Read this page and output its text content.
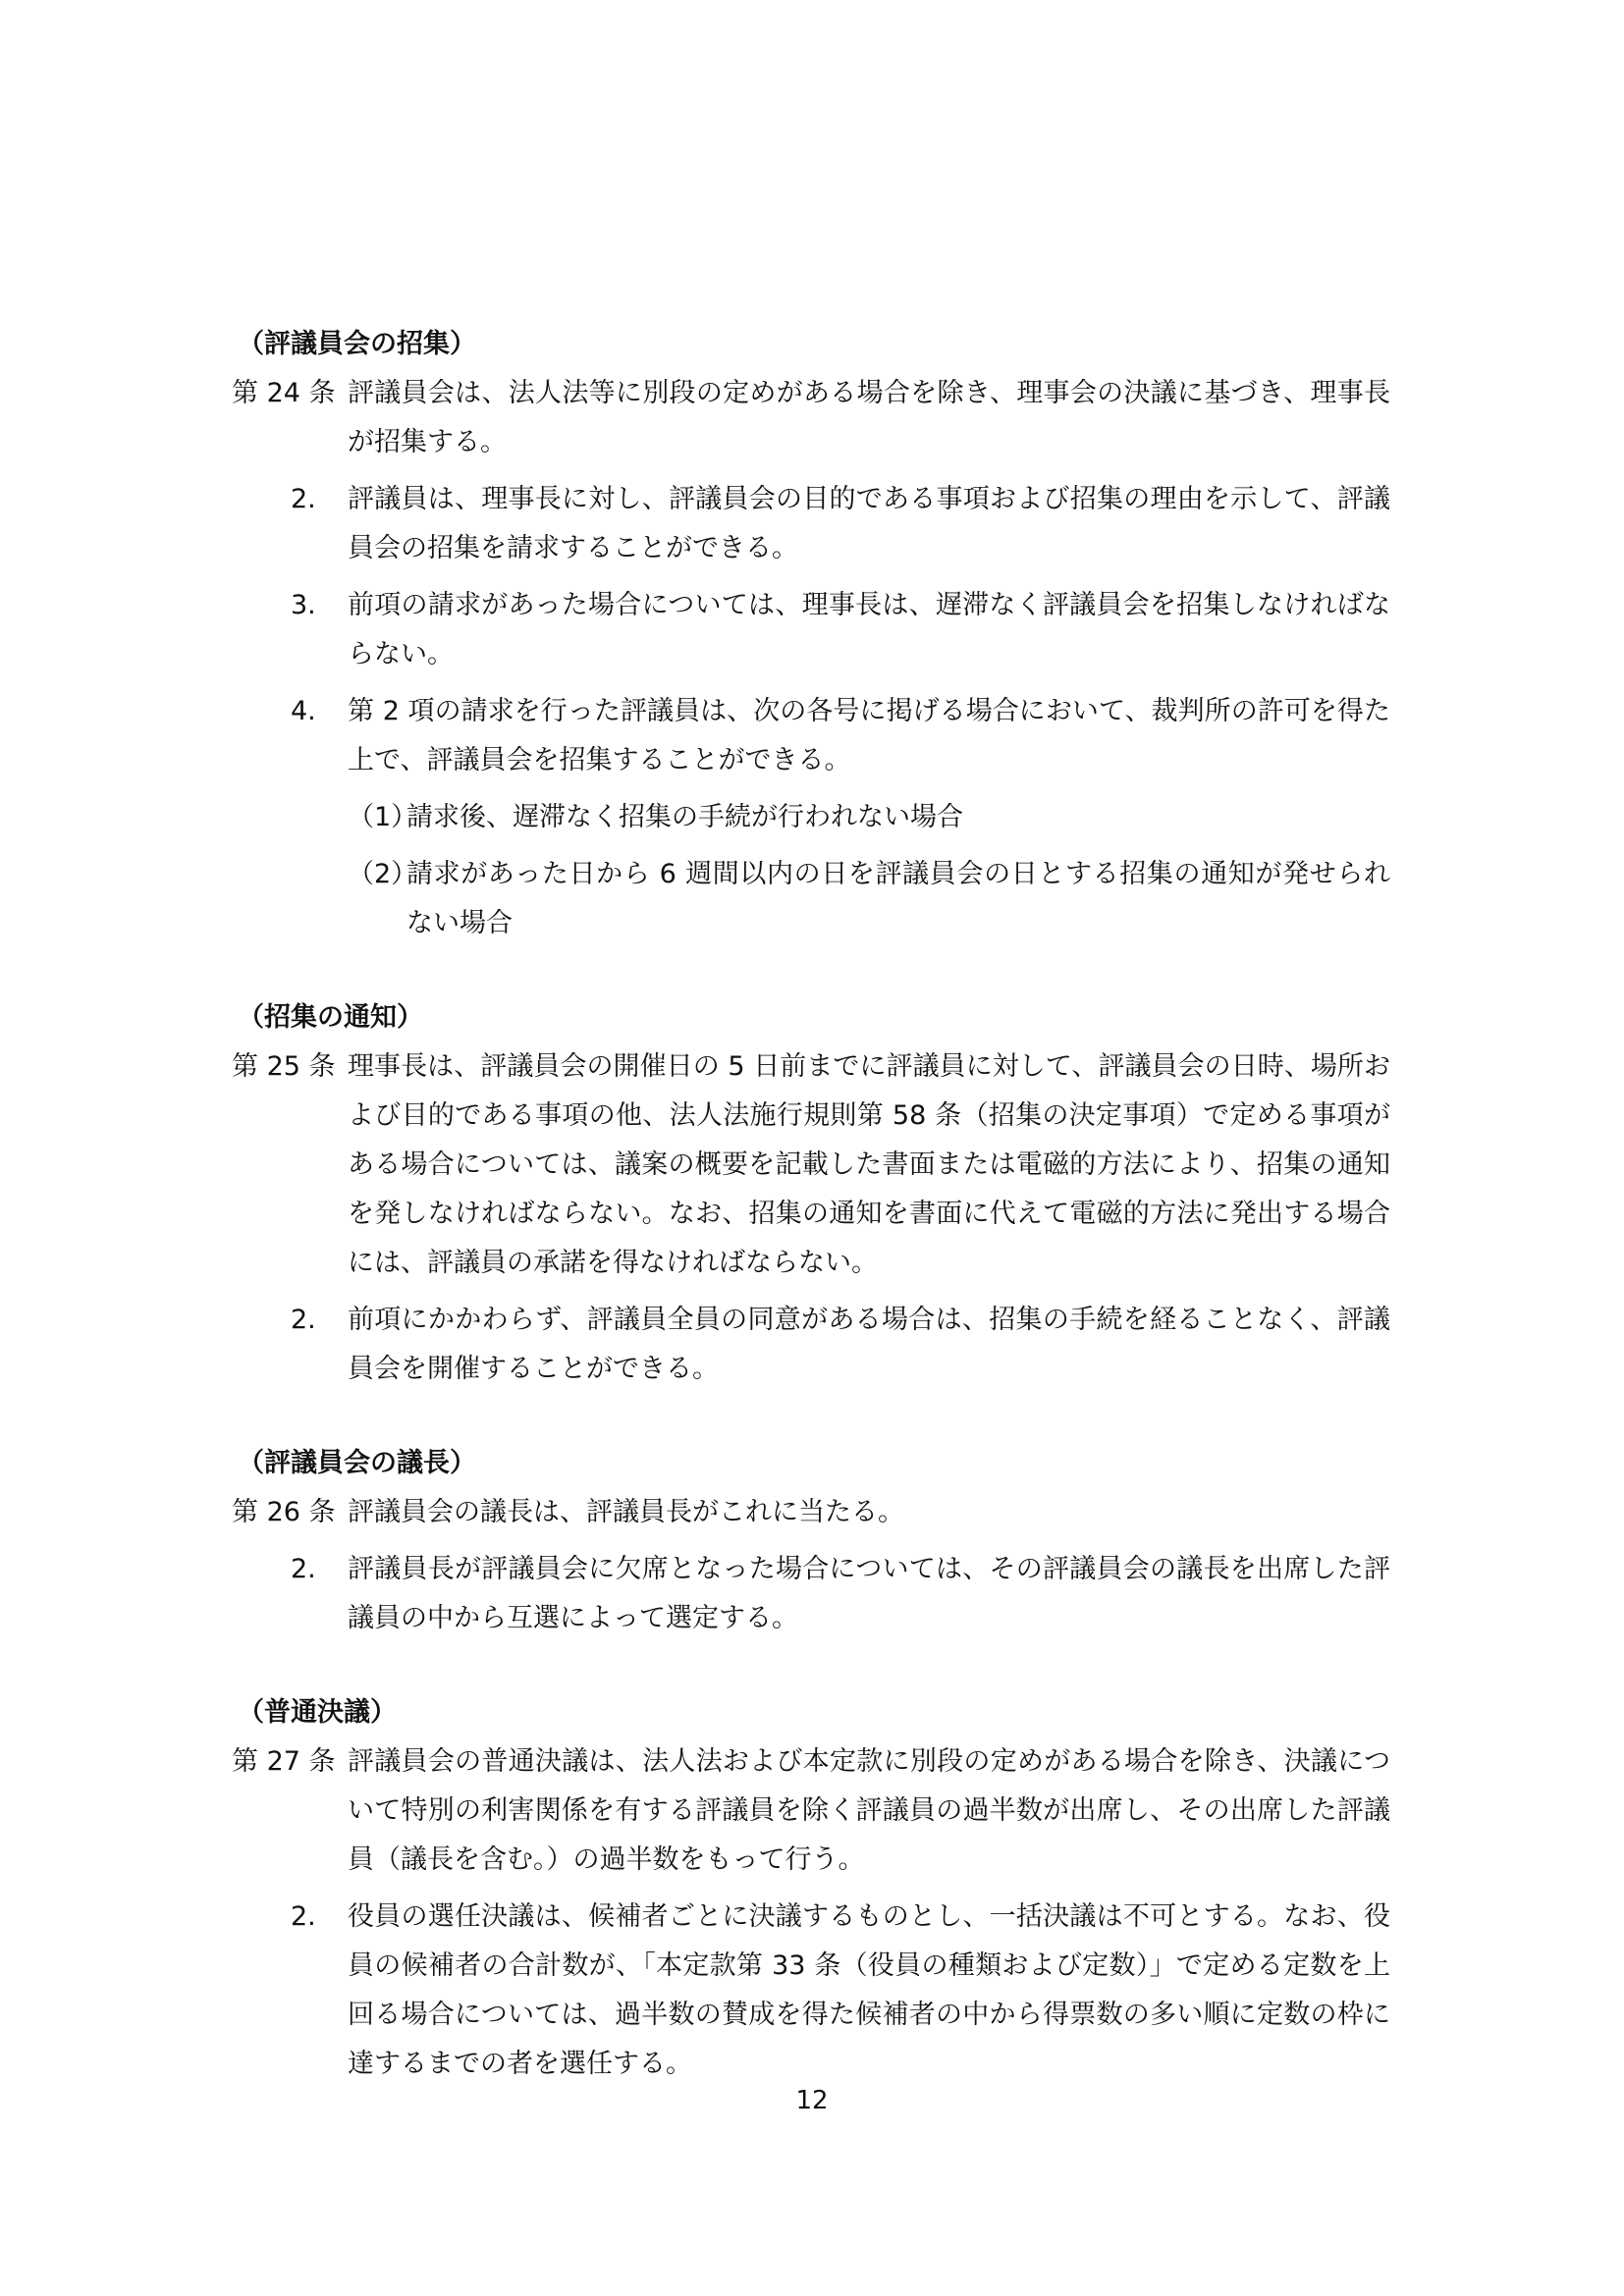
（評議員会の招集）

第 24 条 評議員会は、法人法等に別段の定めがある場合を除き、理事会の決議に基づき、理事長が招集する。
2.	評議員は、理事長に対し、評議員会の目的である事項および招集の理由を示して、評議員会の招集を請求することができる。
3.	前項の請求があった場合については、理事長は、遅滞なく評議員会を招集しなければならない。
4.	第 2 項の請求を行った評議員は、次の各号に掲げる場合において、裁判所の許可を得た上で、評議員会を招集することができる。
（1）
請求後、遅滞なく招集の手続が行われない場合
（2）
請求があった日から 6 週間以内の日を評議員会の日とする招集の通知が発せられない場合

（招集の通知）

第 25 条 理事長は、評議員会の開催日の 5 日前までに評議員に対して、評議員会の日時、場所および目的である事項の他、法人法施行規則第 58 条（招集の決定事項）で定める事項がある場合については、議案の概要を記載した書面または電磁的方法により、招集の通知を発しなければならない。なお、招集の通知を書面に代えて電磁的方法に発出する場合には、評議員の承諾を得なければならない。
2.	前項にかかわらず、評議員全員の同意がある場合は、招集の手続を経ることなく、評議員会を開催することができる。

（評議員会の議長）

第 26 条 評議員会の議長は、評議員長がこれに当たる。
2.	評議員長が評議員会に欠席となった場合については、その評議員会の議長を出席した評議員の中から互選によって選定する。

（普通決議）

第 27 条 評議員会の普通決議は、法人法および本定款に別段の定めがある場合を除き、決議について特別の利害関係を有する評議員を除く評議員の過半数が出席し、その出席した評議員（議長を含む。）の過半数をもって行う。
2.	役員の選任決議は、候補者ごとに決議するものとし、一括決議は不可とする。なお、役員の候補者の合計数が、「本定款第 33 条（役員の種類および定数）」で定める定数を上回る場合については、過半数の賛成を得た候補者の中から得票数の多い順に定数の枠に達するまでの者を選任する。
12
